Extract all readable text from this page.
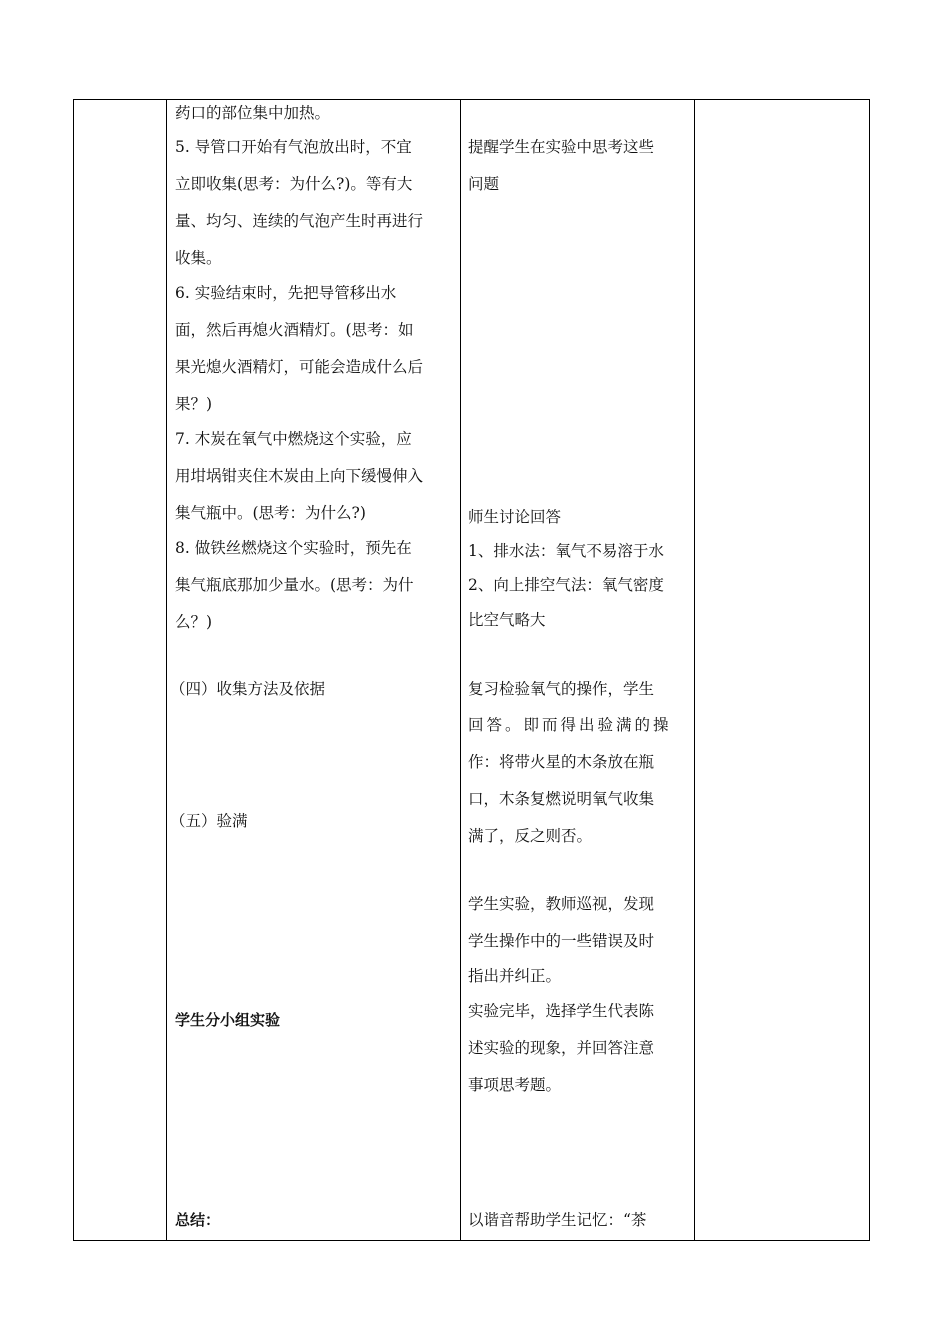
药口的部位集中加热。
5. 导管口开始有气泡放出时，不宜
立即收集(思考：为什么?)。等有大
量、均匀、连续的气泡产生时再进行
收集。
6. 实验结束时，先把导管移出水
面，然后再熄火酒精灯。(思考：如
果光熄火酒精灯，可能会造成什么后
果？)
7. 木炭在氧气中燃烧这个实验，应
用坩埚钳夹住木炭由上向下缓慢伸入
集气瓶中。(思考：为什么?)
8. 做铁丝燃烧这个实验时，预先在
集气瓶底那加少量水。(思考：为什
么？)
（四）收集方法及依据
（五）验满
学生分小组实验
总结：
提醒学生在实验中思考这些
问题
师生讨论回答
1、排水法：氧气不易溶于水
2、向上排空气法：氧气密度
比空气略大
复习检验氧气的操作，学生
回答。即而得出验满的操
作：将带火星的木条放在瓶
口，木条复燃说明氧气收集
满了，反之则否。
学生实验，教师巡视，发现
学生操作中的一些错误及时
指出并纠正。
实验完毕，选择学生代表陈
述实验的现象，并回答注意
事项思考题。
以谐音帮助学生记忆：“茶
